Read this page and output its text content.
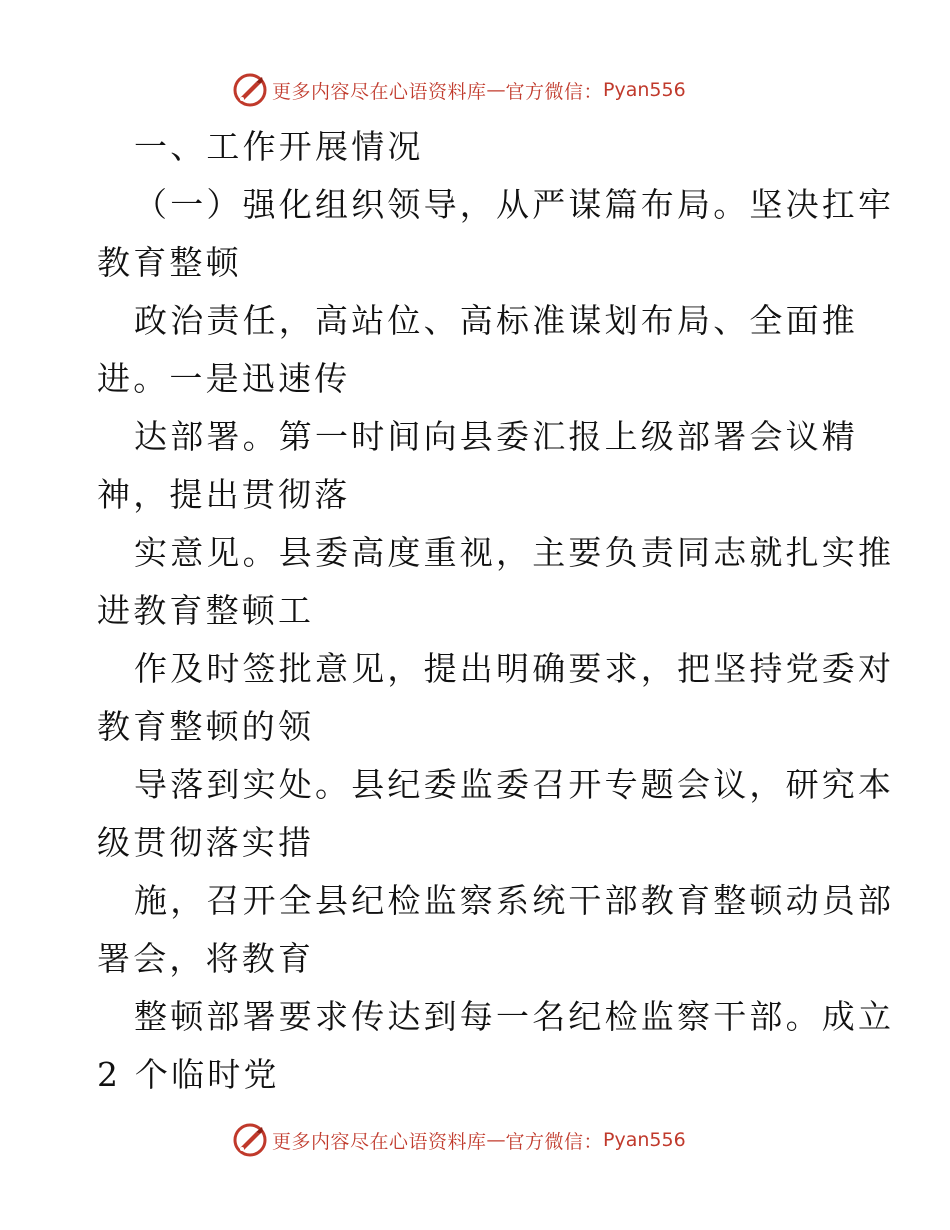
更多内容尽在心语资料库 — 官方微信： Pyan556
一、工作开展情况
（一）强化组织领导，从严谋篇布局。坚决扛牢
教育整顿
政治责任，高站位、高标准谋划布局、全面推
进。一是迅速传
达部署。第一时间向县委汇报上级部署会议精
神，提出贯彻落
实意见。县委高度重视，主要负责同志就扎实推
进教育整顿工
作及时签批意见，提出明确要求，把坚持党委对
教育整顿的领
导落到实处。县纪委监委召开专题会议，研究本
级贯彻落实措
施，召开全县纪检监察系统干部教育整顿动员部
署会，将教育
整顿部署要求传达到每一名纪检监察干部。成立
2 个临时党
更多内容尽在心语资料库 — 官方微信： Pyan556
